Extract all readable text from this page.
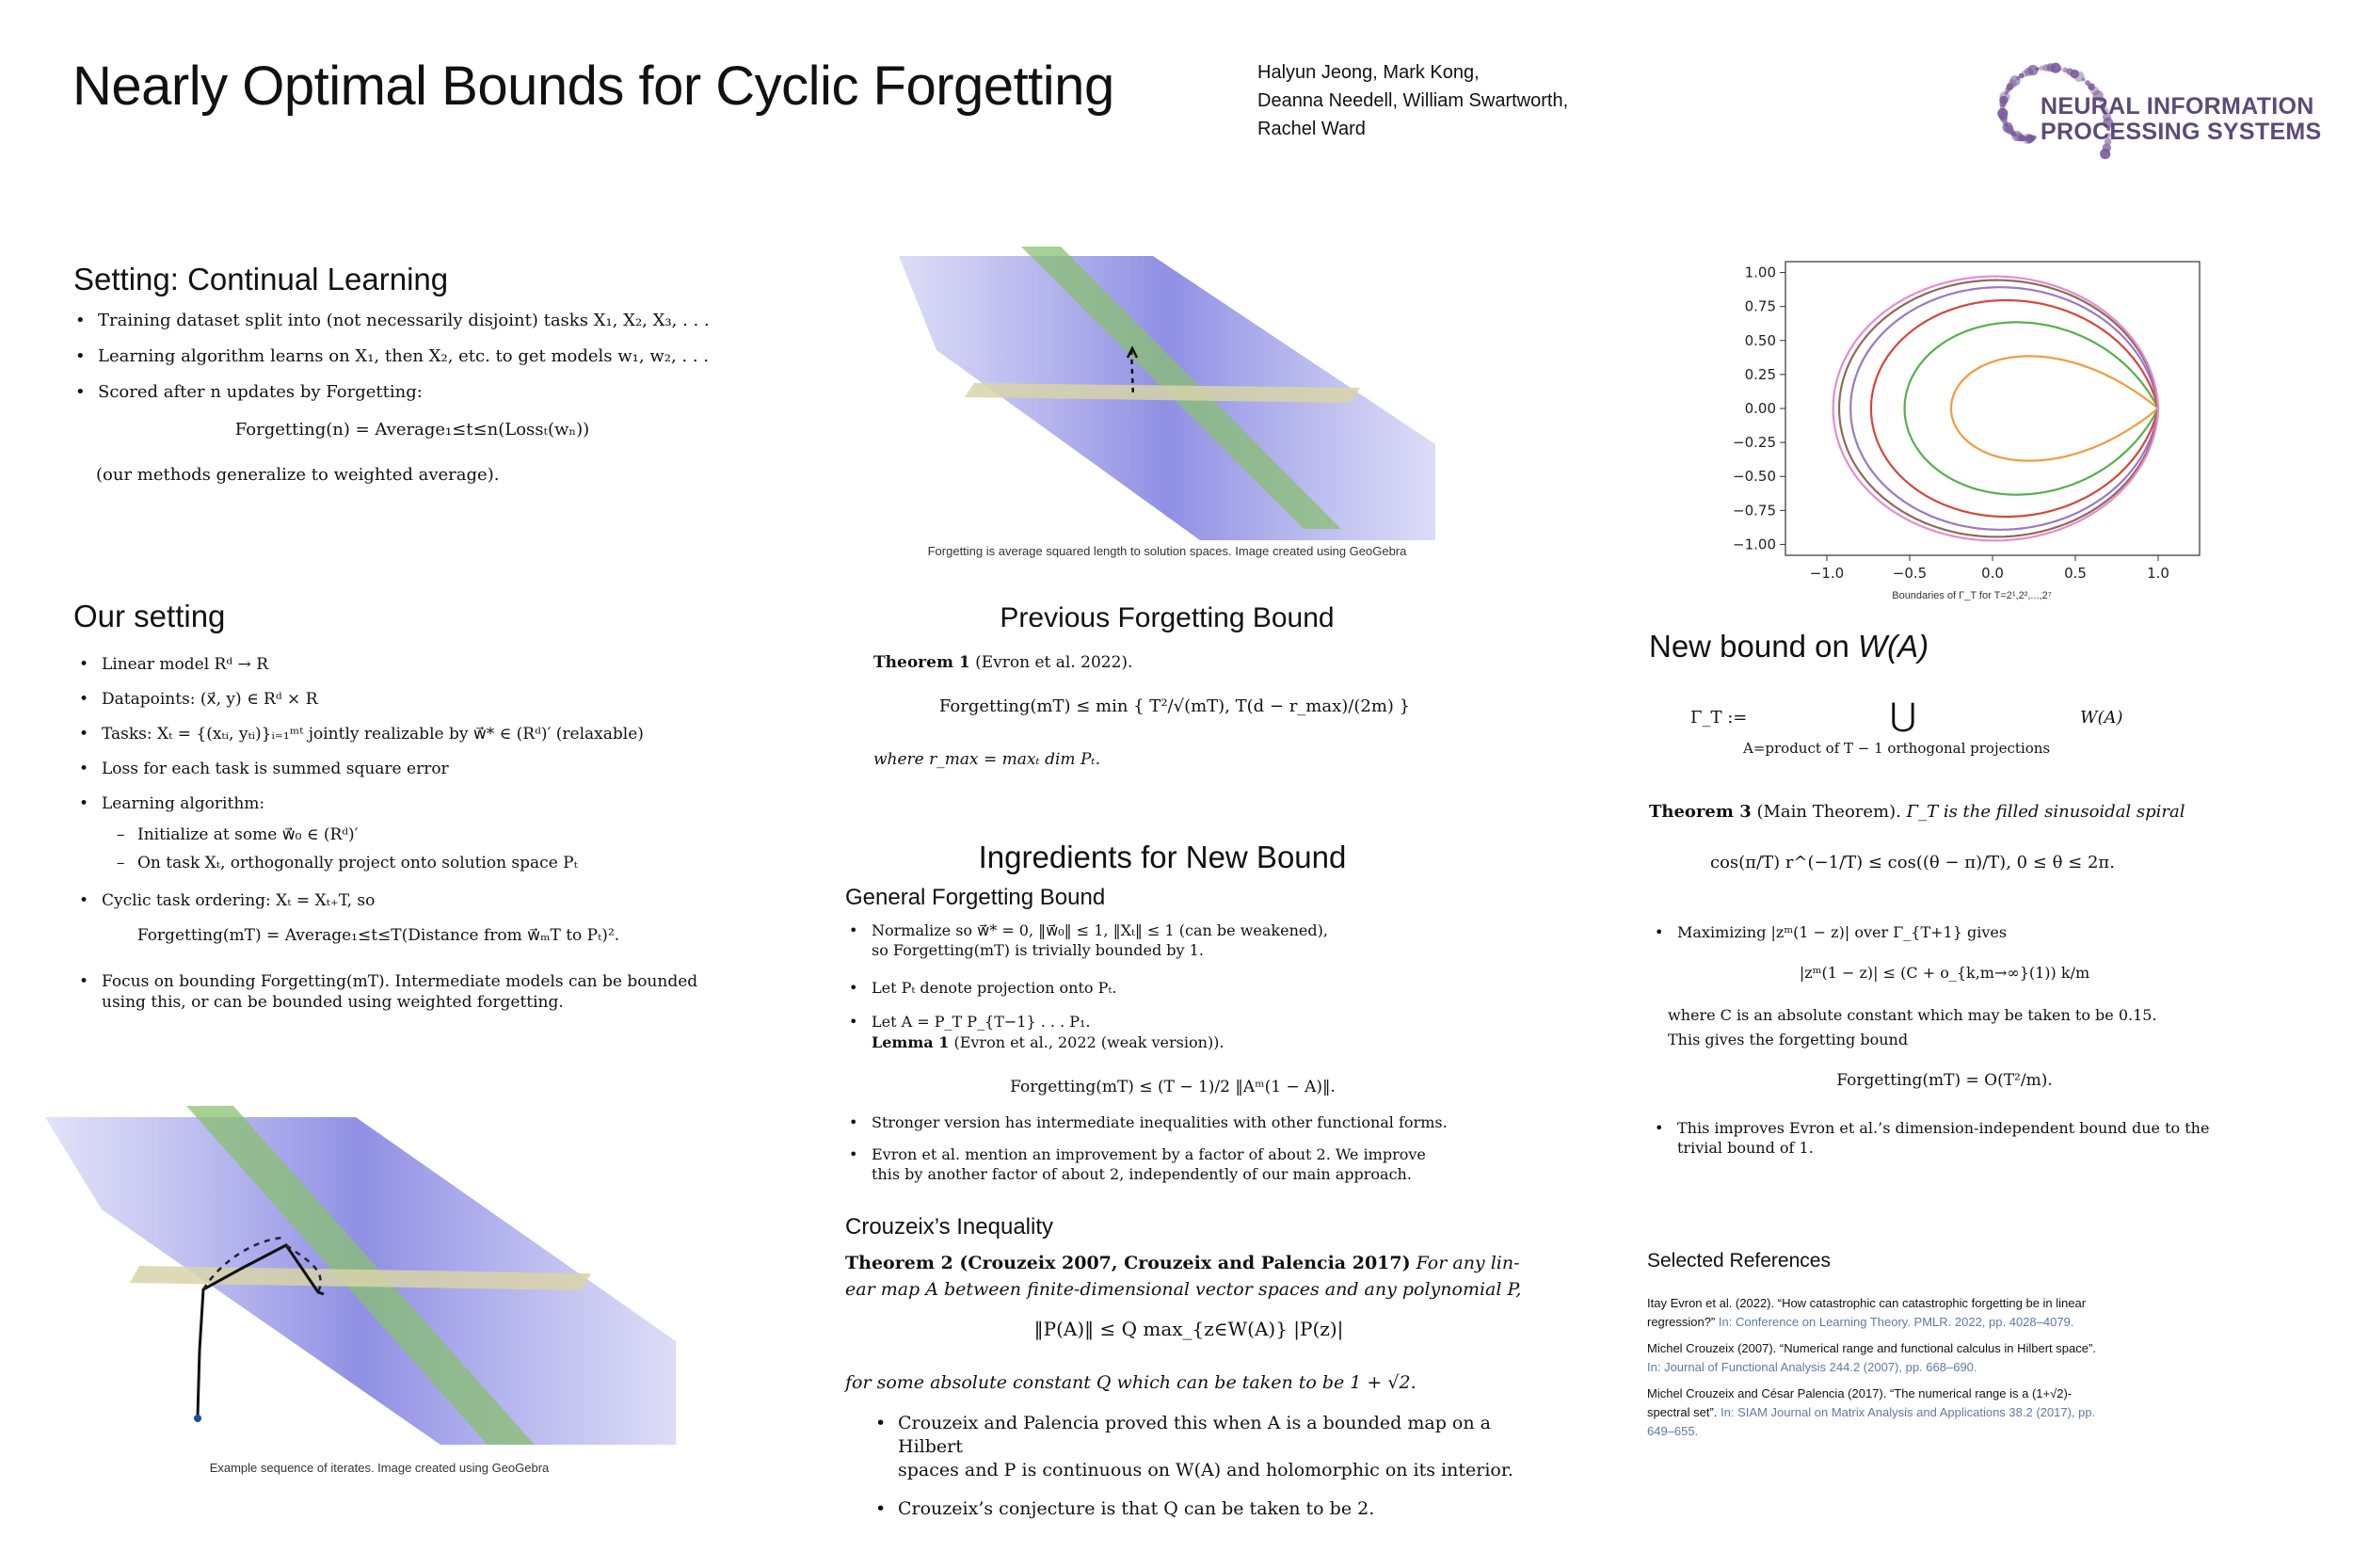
Nearly Optimal Bounds for Cyclic Forgetting	Halyun Jeong, Mark Kong,
Deanna Needell, William Swartworth,
Rachel Ward
NEURAL INFORMATION
PROCESSING SYSTEMS
Setting: Continual Learning
• Training dataset split into (not necessarily disjoint) tasks X₁, X₂, X₃, . . .
• Learning algorithm learns on X₁, then X₂, etc. to get models w₁, w₂, . . .
• Scored after n updates by Forgetting:
Forgetting(n) = Average₁≤t≤n(Lossₜ(wₙ))
(our methods generalize to weighted average).
Our setting
• Linear model Rᵈ → R
• Datapoints: (x⃗, y) ∈ Rᵈ × R
• Tasks: Xₜ = {(xₜᵢ, yₜᵢ)}ᵢ₌₁ᵐᵗ jointly realizable by w⃗* ∈ (Rᵈ)′ (relaxable)
• Loss for each task is summed square error
• Learning algorithm:
– Initialize at some w⃗₀ ∈ (Rᵈ)′
– On task Xₜ, orthogonally project onto solution space Pₜ
• Cyclic task ordering: Xₜ = Xₜ₊T, so
Forgetting(mT) = Average₁≤t≤T(Distance from w⃗ₘT to Pₜ)².
• Focus on bounding Forgetting(mT). Intermediate models can be bounded
using this, or can be bounded using weighted forgetting.
Example sequence of iterates. Image created using GeoGebra
Forgetting is average squared length to solution spaces. Image created using GeoGebra
Previous Forgetting Bound
Theorem 1 (Evron et al. 2022).
Forgetting(mT) ≤ min { T²/√(mT), T(d − r_max)/(2m) }
where r_max = maxₜ dim Pₜ.
Ingredients for New Bound
General Forgetting Bound
• Normalize so w⃗* = 0, ‖w⃗₀‖ ≤ 1, ‖Xₜ‖ ≤ 1 (can be weakened),
so Forgetting(mT) is trivially bounded by 1.
• Let Pₜ denote projection onto Pₜ.
• Let A = P_T P_{T−1} . . . P₁.
Lemma 1 (Evron et al., 2022 (weak version)).
Forgetting(mT) ≤ (T − 1)/2 ‖Aᵐ(1 − A)‖.
• Stronger version has intermediate inequalities with other functional forms.
• Evron et al. mention an improvement by a factor of about 2. We improve
this by another factor of about 2, independently of our main approach.
Crouzeix’s Inequality
Theorem 2 (Crouzeix 2007, Crouzeix and Palencia 2017) For any lin-
ear map A between finite-dimensional vector spaces and any polynomial P,
‖P(A)‖ ≤ Q max_{z∈W(A)} |P(z)|
for some absolute constant Q which can be taken to be 1 + √2.
• Crouzeix and Palencia proved this when A is a bounded map on a Hilbert
spaces and P is continuous on W(A) and holomorphic on its interior.
• Crouzeix’s conjecture is that Q can be taken to be 2.
−1.0	−0.5	0.0	0.5	1.0
1.00
0.75
0.50
0.25
0.00
−0.25
−0.50
−0.75
−1.00
Boundaries of Γ_T for T=2¹,2²,...,2⁷
New bound on W(A)
Γ_T :=	⋃
A=product of T − 1 orthogonal projections
W(A)
Theorem 3 (Main Theorem). Γ_T is the filled sinusoidal spiral
cos(π/T) r^(−1/T) ≤ cos((θ − π)/T), 0 ≤ θ ≤ 2π.
• Maximizing |zᵐ(1 − z)| over Γ_{T+1} gives
|zᵐ(1 − z)| ≤ (C + o_{k,m→∞}(1)) k/m
where C is an absolute constant which may be taken to be 0.15.
This gives the forgetting bound
Forgetting(mT) = O(T²/m).
• This improves Evron et al.’s dimension-independent bound due to the
trivial bound of 1.
Selected References
Itay Evron et al. (2022). “How catastrophic can catastrophic forgetting be in linear regression?” In: Conference on Learning Theory. PMLR. 2022, pp. 4028–4079.
Michel Crouzeix (2007). “Numerical range and functional calculus in Hilbert space”. In: Journal of Functional Analysis 244.2 (2007), pp. 668–690.
Michel Crouzeix and César Palencia (2017). “The numerical range is a (1+√2)-spectral set”. In: SIAM Journal on Matrix Analysis and Applications 38.2 (2017), pp. 649–655.
